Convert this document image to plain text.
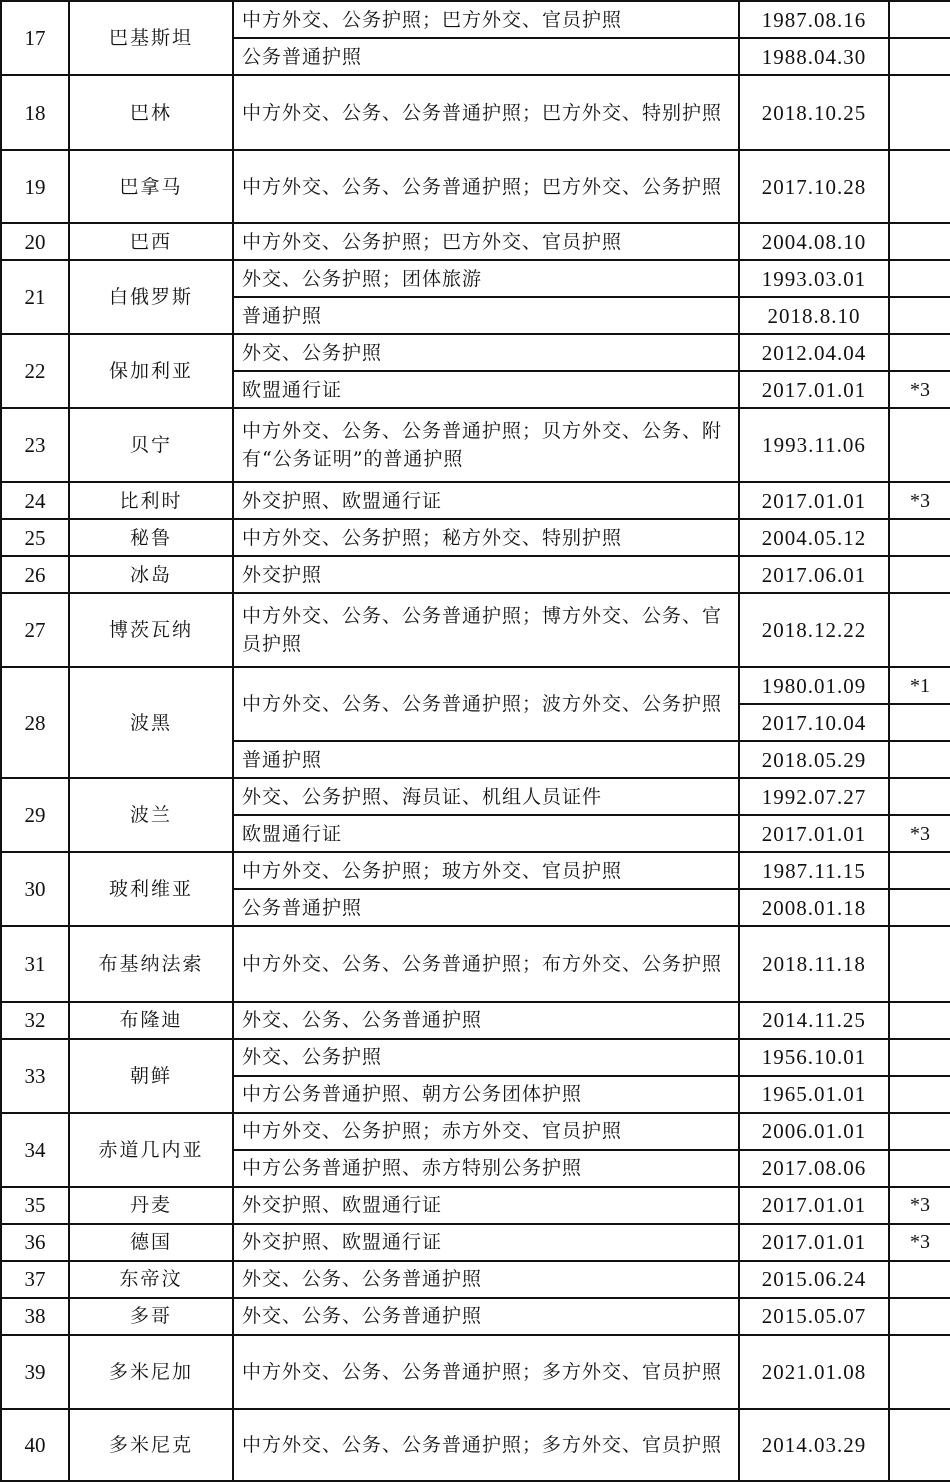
17	巴基斯坦	中方外交、公务护照；巴方外交、官员护照	1987.08.16	
		公务普通护照	1988.04.30	
18	巴林	中方外交、公务、公务普通护照；巴方外交、特别护照	2018.10.25	
19	巴拿马	中方外交、公务、公务普通护照；巴方外交、公务护照	2017.10.28	
20	巴西	中方外交、公务护照；巴方外交、官员护照	2004.08.10	
21	白俄罗斯	外交、公务护照；团体旅游	1993.03.01	
		普通护照	2018.8.10	
22	保加利亚	外交、公务护照	2012.04.04	
		欧盟通行证	2017.01.01	*3
23	贝宁	中方外交、公务、公务普通护照；贝方外交、公务、附有“公务证明”的普通护照	1993.11.06	
24	比利时	外交护照、欧盟通行证	2017.01.01	*3
25	秘鲁	中方外交、公务护照；秘方外交、特别护照	2004.05.12	
26	冰岛	外交护照	2017.06.01	
27	博茨瓦纳	中方外交、公务、公务普通护照；博方外交、公务、官员护照	2018.12.22	
28	波黑	中方外交、公务、公务普通护照；波方外交、公务护照	1980.01.09	*1
			2017.10.04	
		普通护照	2018.05.29	
29	波兰	外交、公务护照、海员证、机组人员证件	1992.07.27	
		欧盟通行证	2017.01.01	*3
30	玻利维亚	中方外交、公务护照；玻方外交、官员护照	1987.11.15	
		公务普通护照	2008.01.18	
31	布基纳法索	中方外交、公务、公务普通护照；布方外交、公务护照	2018.11.18	
32	布隆迪	外交、公务、公务普通护照	2014.11.25	
33	朝鲜	外交、公务护照	1956.10.01	
		中方公务普通护照、朝方公务团体护照	1965.01.01	
34	赤道几内亚	中方外交、公务护照；赤方外交、官员护照	2006.01.01	
		中方公务普通护照、赤方特别公务护照	2017.08.06	
35	丹麦	外交护照、欧盟通行证	2017.01.01	*3
36	德国	外交护照、欧盟通行证	2017.01.01	*3
37	东帝汶	外交、公务、公务普通护照	2015.06.24	
38	多哥	外交、公务、公务普通护照	2015.05.07	
39	多米尼加	中方外交、公务、公务普通护照；多方外交、官员护照	2021.01.08	
40	多米尼克	中方外交、公务、公务普通护照；多方外交、官员护照	2014.03.29	
